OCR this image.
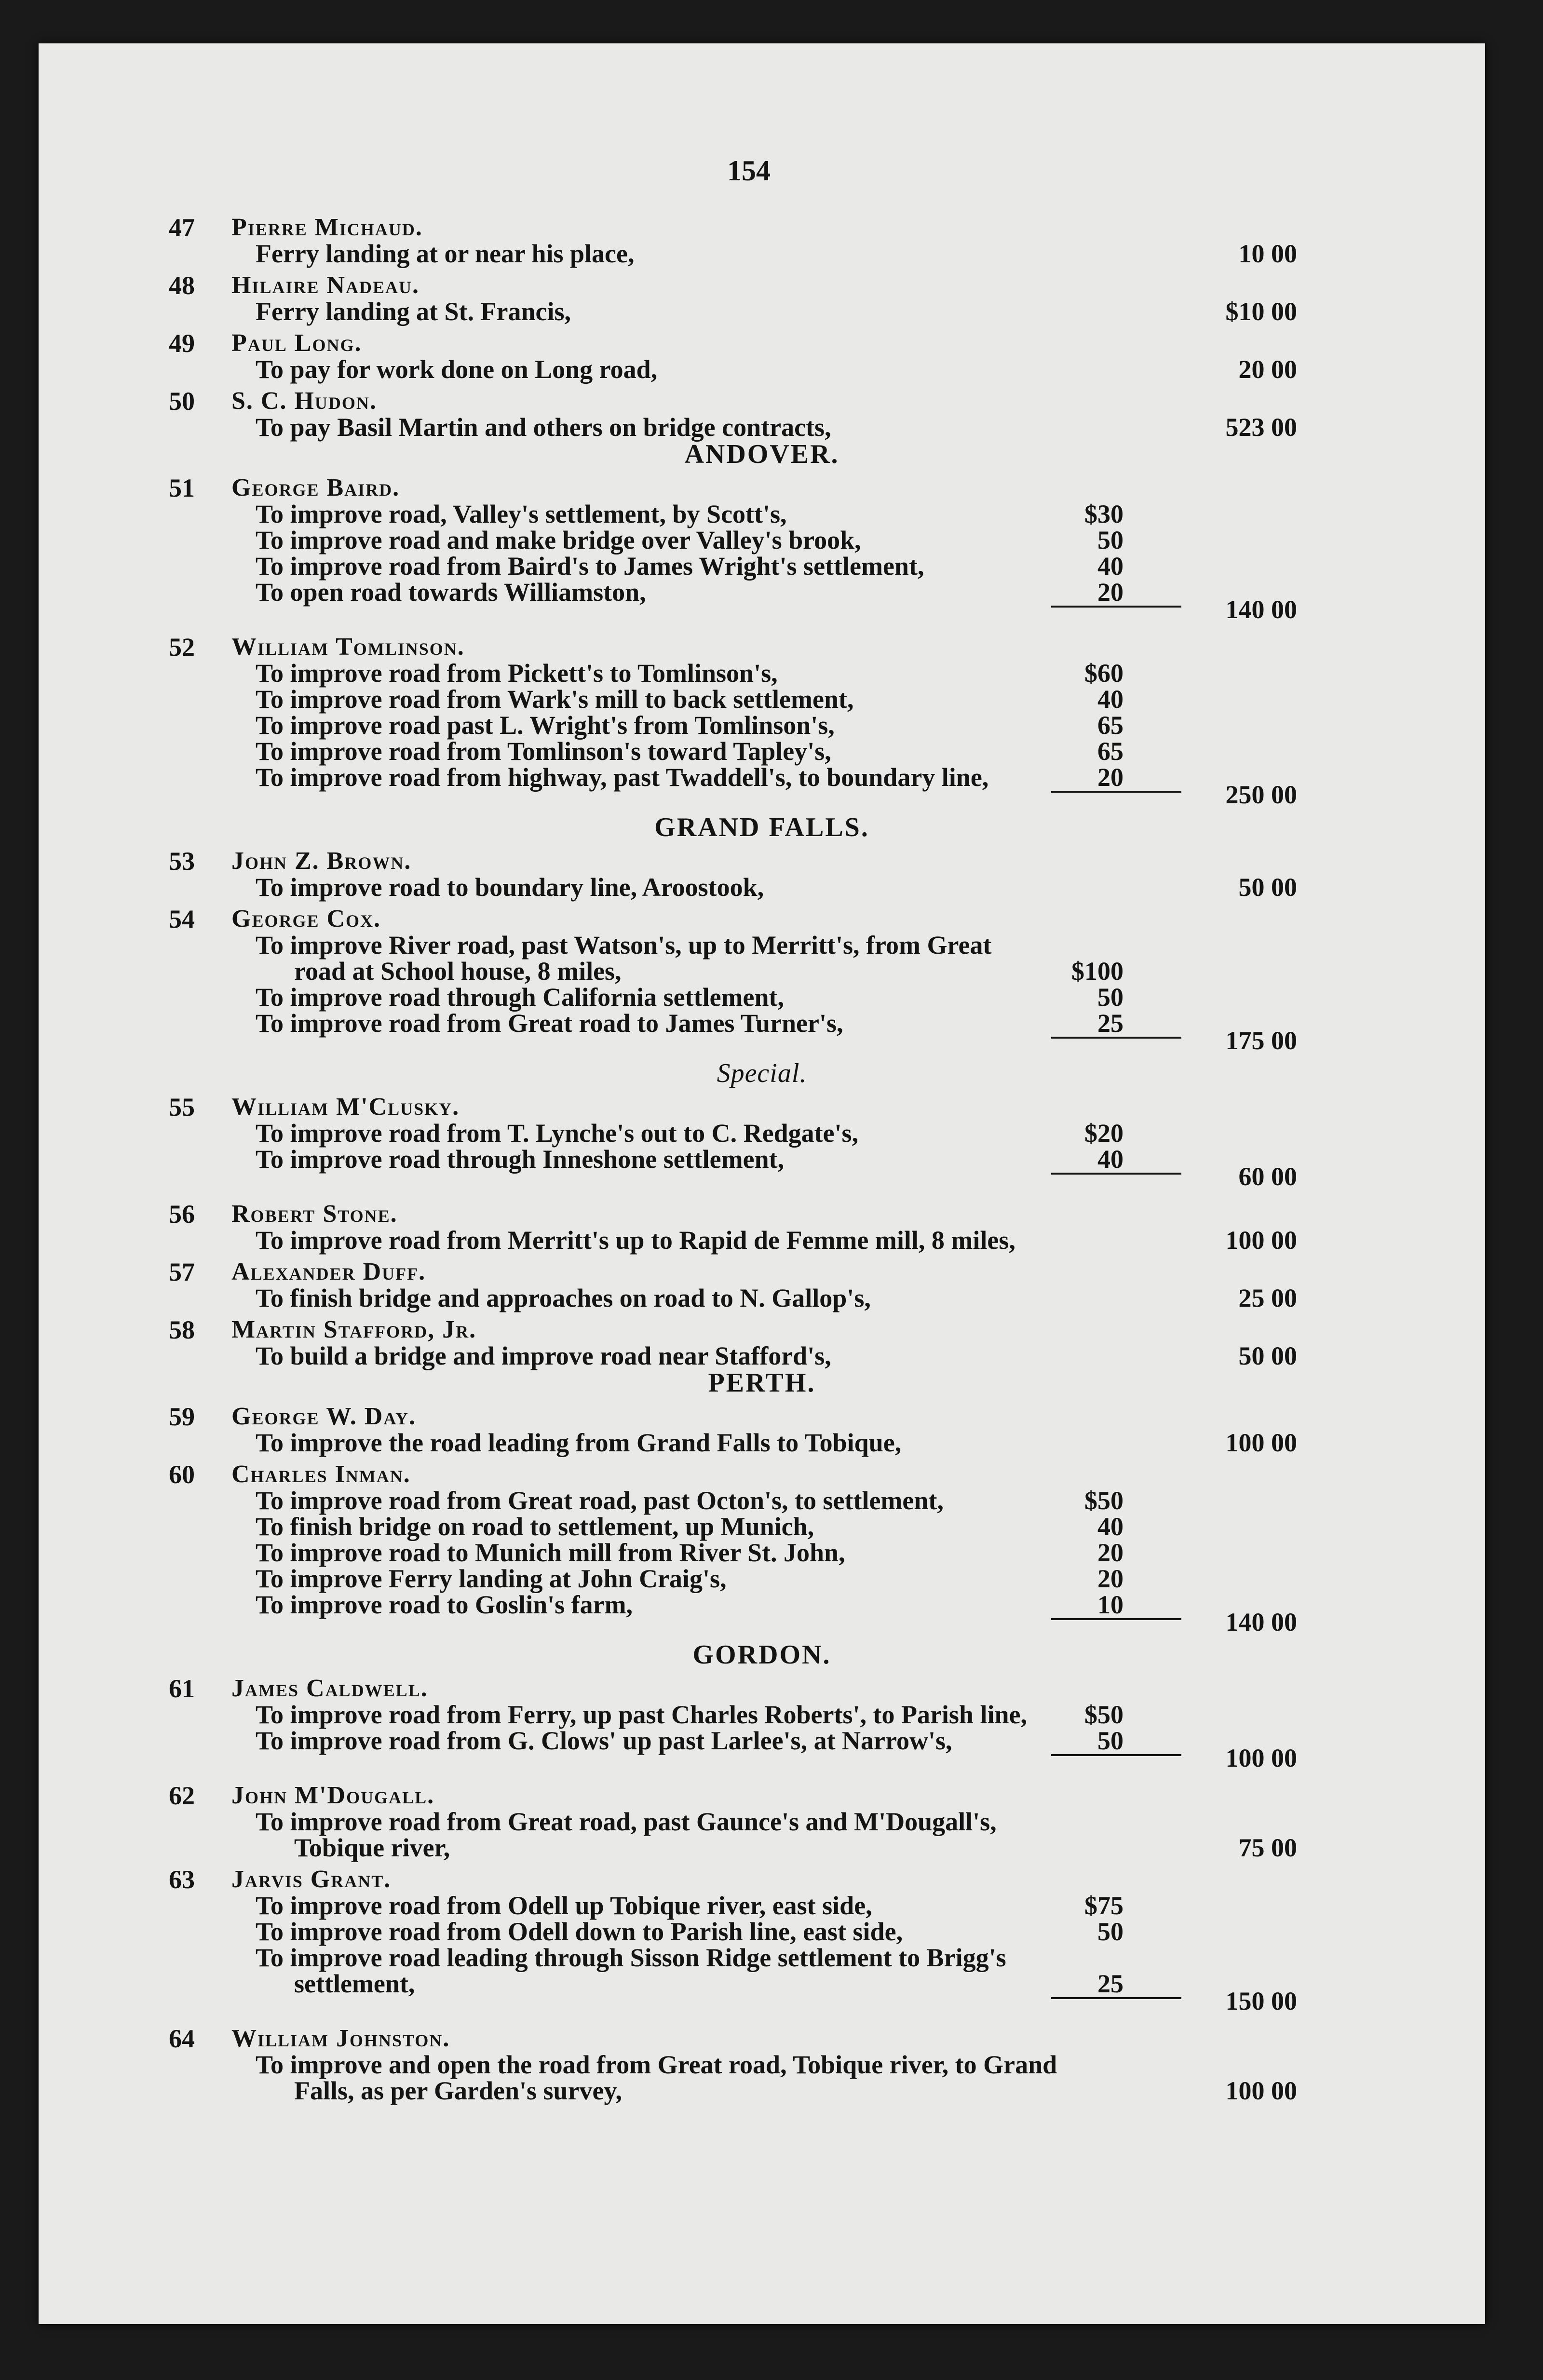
154
47	Pierre Michaud.
Ferry landing at or near his place,	10 00
48	Hilaire Nadeau.
Ferry landing at St. Francis,	$10 00
49	Paul Long.
To pay for work done on Long road,	20 00
50	S. C. Hudon.
To pay Basil Martin and others on bridge contracts,	523 00
ANDOVER.
51	George Baird.
To improve road, Valley's settlement, by Scott's,	$30
To improve road and make bridge over Valley's brook,	50
To improve road from Baird's to James Wright's settlement,	40
To open road towards Williamston,	20
140 00
52	William Tomlinson.
To improve road from Pickett's to Tomlinson's,	$60
To improve road from Wark's mill to back settlement,	40
To improve road past L. Wright's from Tomlinson's,	65
To improve road from Tomlinson's toward Tapley's,	65
To improve road from highway, past Twaddell's, to boundary line,	20
250 00
GRAND FALLS.
53	John Z. Brown.
To improve road to boundary line, Aroostook,	50 00
54	George Cox.
To improve River road, past Watson's, up to Merritt's, from Great
road at School house, 8 miles,	$100
To improve road through California settlement,	50
To improve road from Great road to James Turner's,	25
175 00
Special.
55	William M'Clusky.
To improve road from T. Lynche's out to C. Redgate's,	$20
To improve road through Inneshone settlement,	40
60 00
56	Robert Stone.
To improve road from Merritt's up to Rapid de Femme mill, 8 miles,	100 00
57	Alexander Duff.
To finish bridge and approaches on road to N. Gallop's,	25 00
58	Martin Stafford, Jr.
To build a bridge and improve road near Stafford's,	50 00
PERTH.
59	George W. Day.
To improve the road leading from Grand Falls to Tobique,	100 00
60	Charles Inman.
To improve road from Great road, past Octon's, to settlement,	$50
To finish bridge on road to settlement, up Munich,	40
To improve road to Munich mill from River St. John,	20
To improve Ferry landing at John Craig's,	20
To improve road to Goslin's farm,	10
140 00
GORDON.
61	James Caldwell.
To improve road from Ferry, up past Charles Roberts', to Parish line,	$50
To improve road from G. Clows' up past Larlee's, at Narrow's,	50
100 00
62	John M'Dougall.
To improve road from Great road, past Gaunce's and M'Dougall's,
Tobique river,	75 00
63	Jarvis Grant.
To improve road from Odell up Tobique river, east side,	$75
To improve road from Odell down to Parish line, east side,	50
To improve road leading through Sisson Ridge settlement to Brigg's
settlement,	25
150 00
64	William Johnston.
To improve and open the road from Great road, Tobique river, to Grand
Falls, as per Garden's survey,	100 00
